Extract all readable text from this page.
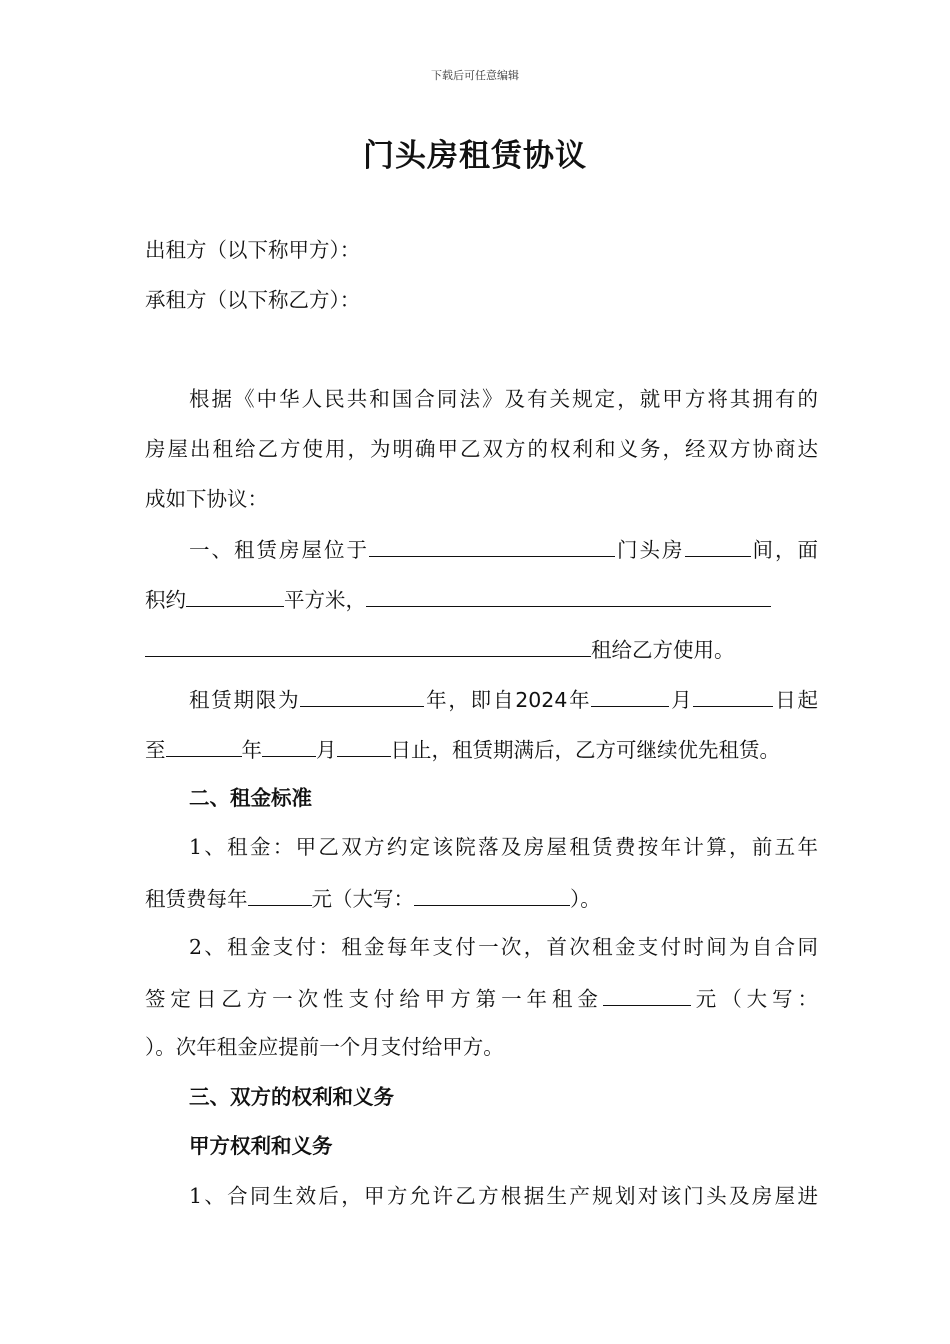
下载后可任意编辑
门头房租赁协议
出租方（以下称甲方）：
承租方（以下称乙方）：
根据《中华人民共和国合同法》及有关规定，就甲方将其拥有的
房屋出租给乙方使用，为明确甲乙双方的权利和义务，经双方协商达
成如下协议：
一、租赁房屋位于	门头房	间，面
积约	平方米，
租给乙方使用。
租赁期限为	年，即自2024年	月	日起
至	年	月	日止，租赁期满后，乙方可继续优先租赁。
二、租金标准
1、租金：甲乙双方约定该院落及房屋租赁费按年计算，前五年
租赁费每年	元（大写：	）。
2、租金支付：租金每年支付一次，首次租金支付时间为自合同
签定日乙方一次性支付给甲方第一年租金	元（大写：
）。次年租金应提前一个月支付给甲方。
三、双方的权利和义务
甲方权利和义务
1、合同生效后，甲方允许乙方根据生产规划对该门头及房屋进
